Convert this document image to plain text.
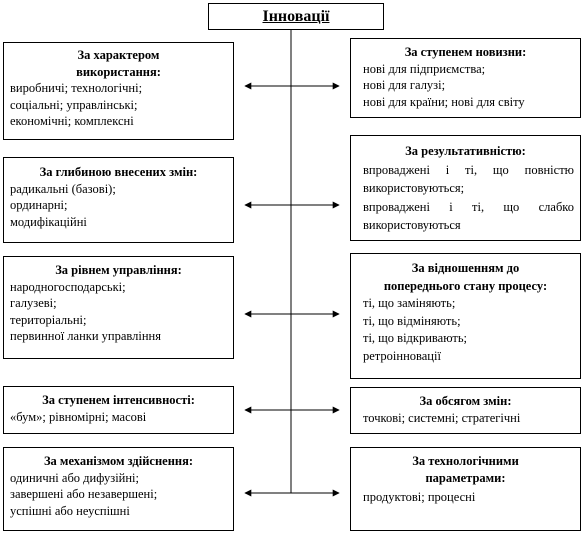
Інновації
За характером використання:
виробничі; технологічні;
соціальні; управлінські;
економічні; комплексні
За глибиною внесених змін:
радикальні (базові);
ординарні;
модифікаційні
За рівнем управління:
народногосподарські;
галузеві;
територіальні;
первинної ланки управління
За ступенем інтенсивності:
«бум»; рівномірні; масові
За механізмом здійснення:
одиничні або дифузійні;
завершені або незавершені;
успішні або неуспішні
За ступенем новизни:
нові для підприємства;
нові для галузі;
нові для країни; нові для світу
За результативністю:
впроваджені і ті, що повністю
використовуються;
впроваджені і ті, що слабко
використовуються
За відношенням до попереднього стану процесу:
ті, що заміняють;
ті, що відміняють;
ті, що відкривають;
ретроінновації
За обсягом змін:
точкові; системні; стратегічні
За технологічними параметрами:
продуктові; процесні
